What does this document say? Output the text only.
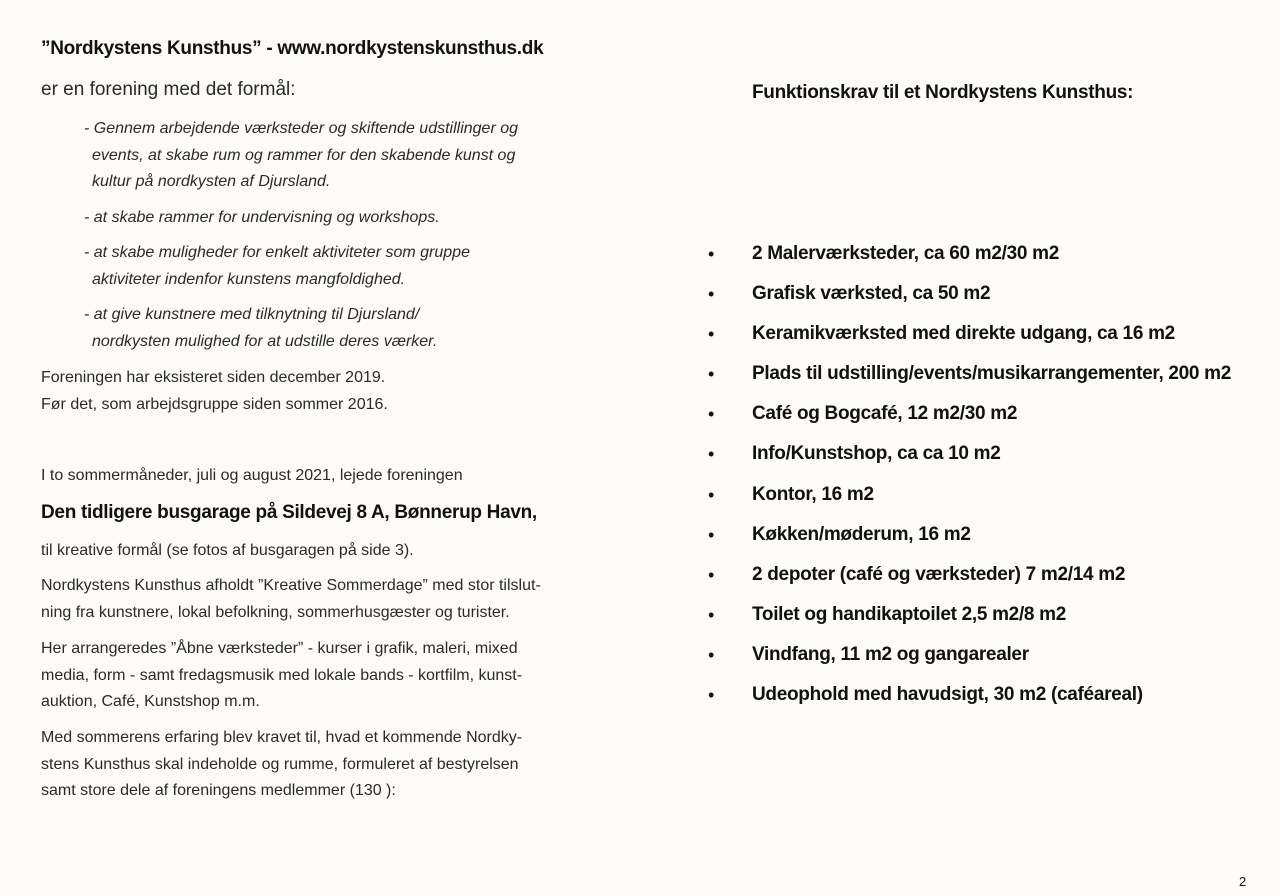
”Nordkystens Kunsthus” - www.nordkystenskunsthus.dk
er en forening med det formål:
- Gennem arbejdende værksteder og skiftende udstillinger og
events, at skabe rum og rammer for den skabende kunst og
kultur på nordkysten af Djursland.
- at skabe rammer for undervisning og workshops.
- at skabe muligheder for enkelt aktiviteter som gruppe
aktiviteter indenfor kunstens mangfoldighed.
- at give kunstnere med tilknytning til Djursland/
nordkysten mulighed for at udstille deres værker.
Foreningen har eksisteret siden december 2019.
Før det, som arbejdsgruppe siden sommer 2016.
I to sommermåneder, juli og august 2021, lejede foreningen
Den tidligere busgarage på Sildevej 8 A, Bønnerup Havn,
til kreative formål (se fotos af busgaragen på side 3).
Nordkystens Kunsthus afholdt ”Kreative Sommerdage” med stor tilslut-
ning fra kunstnere, lokal befolkning, sommerhusgæster og turister.
Her arrangeredes ”Åbne værksteder” - kurser i grafik, maleri, mixed
media, form - samt fredagsmusik med lokale bands - kortfilm, kunst-
auktion, Café, Kunstshop m.m.
Med sommerens erfaring blev kravet til, hvad et kommende Nordky-
stens Kunsthus skal indeholde og rumme, formuleret af bestyrelsen
samt store dele af foreningens medlemmer (130 ):
Funktionskrav til et Nordkystens Kunsthus:
•	2 Malerværksteder, ca 60 m2/30 m2
•	Grafisk værksted, ca 50 m2
•	Keramikværksted med direkte udgang, ca 16 m2
•	Plads til udstilling/events/musikarrangementer, 200 m2
•	Café og Bogcafé, 12 m2/30 m2
•	Info/Kunstshop, ca ca 10 m2
•	Kontor, 16 m2
•	Køkken/møderum, 16 m2
•	2 depoter (café og værksteder) 7 m2/14 m2
•	Toilet og handikaptoilet 2,5 m2/8 m2
•	Vindfang, 11 m2 og gangarealer
•	Udeophold med havudsigt, 30 m2 (caféareal)
2
